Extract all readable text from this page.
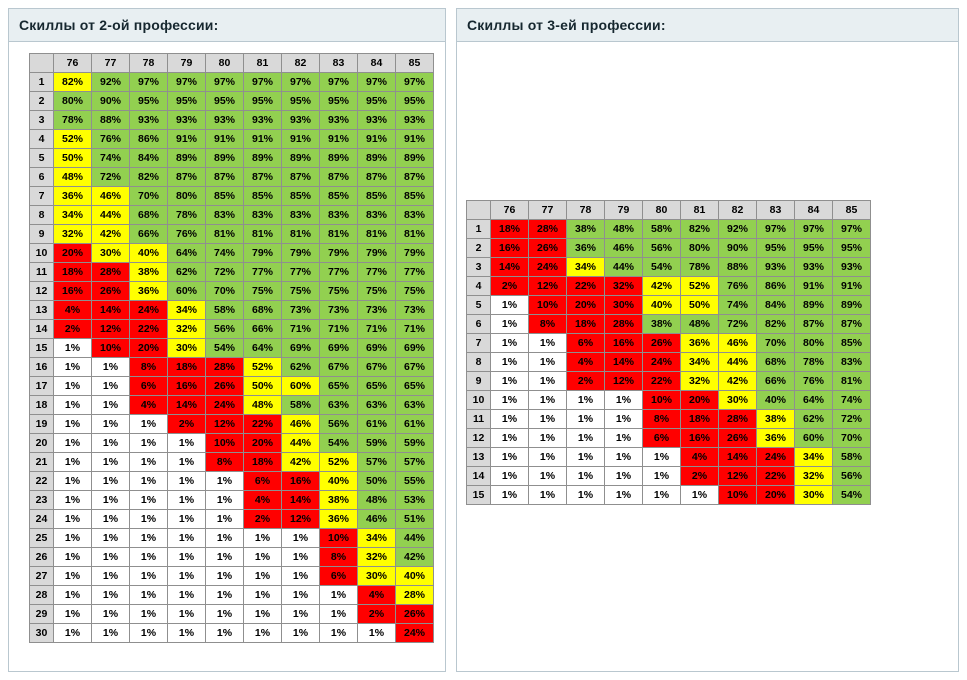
Скиллы от 2-ой профессии:
	76	77	78	79	80	81	82	83	84	85
1	82%	92%	97%	97%	97%	97%	97%	97%	97%	97%
2	80%	90%	95%	95%	95%	95%	95%	95%	95%	95%
3	78%	88%	93%	93%	93%	93%	93%	93%	93%	93%
4	52%	76%	86%	91%	91%	91%	91%	91%	91%	91%
5	50%	74%	84%	89%	89%	89%	89%	89%	89%	89%
6	48%	72%	82%	87%	87%	87%	87%	87%	87%	87%
7	36%	46%	70%	80%	85%	85%	85%	85%	85%	85%
8	34%	44%	68%	78%	83%	83%	83%	83%	83%	83%
9	32%	42%	66%	76%	81%	81%	81%	81%	81%	81%
10	20%	30%	40%	64%	74%	79%	79%	79%	79%	79%
11	18%	28%	38%	62%	72%	77%	77%	77%	77%	77%
12	16%	26%	36%	60%	70%	75%	75%	75%	75%	75%
13	4%	14%	24%	34%	58%	68%	73%	73%	73%	73%
14	2%	12%	22%	32%	56%	66%	71%	71%	71%	71%
15	1%	10%	20%	30%	54%	64%	69%	69%	69%	69%
16	1%	1%	8%	18%	28%	52%	62%	67%	67%	67%
17	1%	1%	6%	16%	26%	50%	60%	65%	65%	65%
18	1%	1%	4%	14%	24%	48%	58%	63%	63%	63%
19	1%	1%	1%	2%	12%	22%	46%	56%	61%	61%
20	1%	1%	1%	1%	10%	20%	44%	54%	59%	59%
21	1%	1%	1%	1%	8%	18%	42%	52%	57%	57%
22	1%	1%	1%	1%	1%	6%	16%	40%	50%	55%
23	1%	1%	1%	1%	1%	4%	14%	38%	48%	53%
24	1%	1%	1%	1%	1%	2%	12%	36%	46%	51%
25	1%	1%	1%	1%	1%	1%	1%	10%	34%	44%
26	1%	1%	1%	1%	1%	1%	1%	8%	32%	42%
27	1%	1%	1%	1%	1%	1%	1%	6%	30%	40%
28	1%	1%	1%	1%	1%	1%	1%	1%	4%	28%
29	1%	1%	1%	1%	1%	1%	1%	1%	2%	26%
30	1%	1%	1%	1%	1%	1%	1%	1%	1%	24%
Скиллы от 3-ей профессии:
	76	77	78	79	80	81	82	83	84	85
1	18%	28%	38%	48%	58%	82%	92%	97%	97%	97%
2	16%	26%	36%	46%	56%	80%	90%	95%	95%	95%
3	14%	24%	34%	44%	54%	78%	88%	93%	93%	93%
4	2%	12%	22%	32%	42%	52%	76%	86%	91%	91%
5	1%	10%	20%	30%	40%	50%	74%	84%	89%	89%
6	1%	8%	18%	28%	38%	48%	72%	82%	87%	87%
7	1%	1%	6%	16%	26%	36%	46%	70%	80%	85%
8	1%	1%	4%	14%	24%	34%	44%	68%	78%	83%
9	1%	1%	2%	12%	22%	32%	42%	66%	76%	81%
10	1%	1%	1%	1%	10%	20%	30%	40%	64%	74%
11	1%	1%	1%	1%	8%	18%	28%	38%	62%	72%
12	1%	1%	1%	1%	6%	16%	26%	36%	60%	70%
13	1%	1%	1%	1%	1%	4%	14%	24%	34%	58%
14	1%	1%	1%	1%	1%	2%	12%	22%	32%	56%
15	1%	1%	1%	1%	1%	1%	10%	20%	30%	54%
